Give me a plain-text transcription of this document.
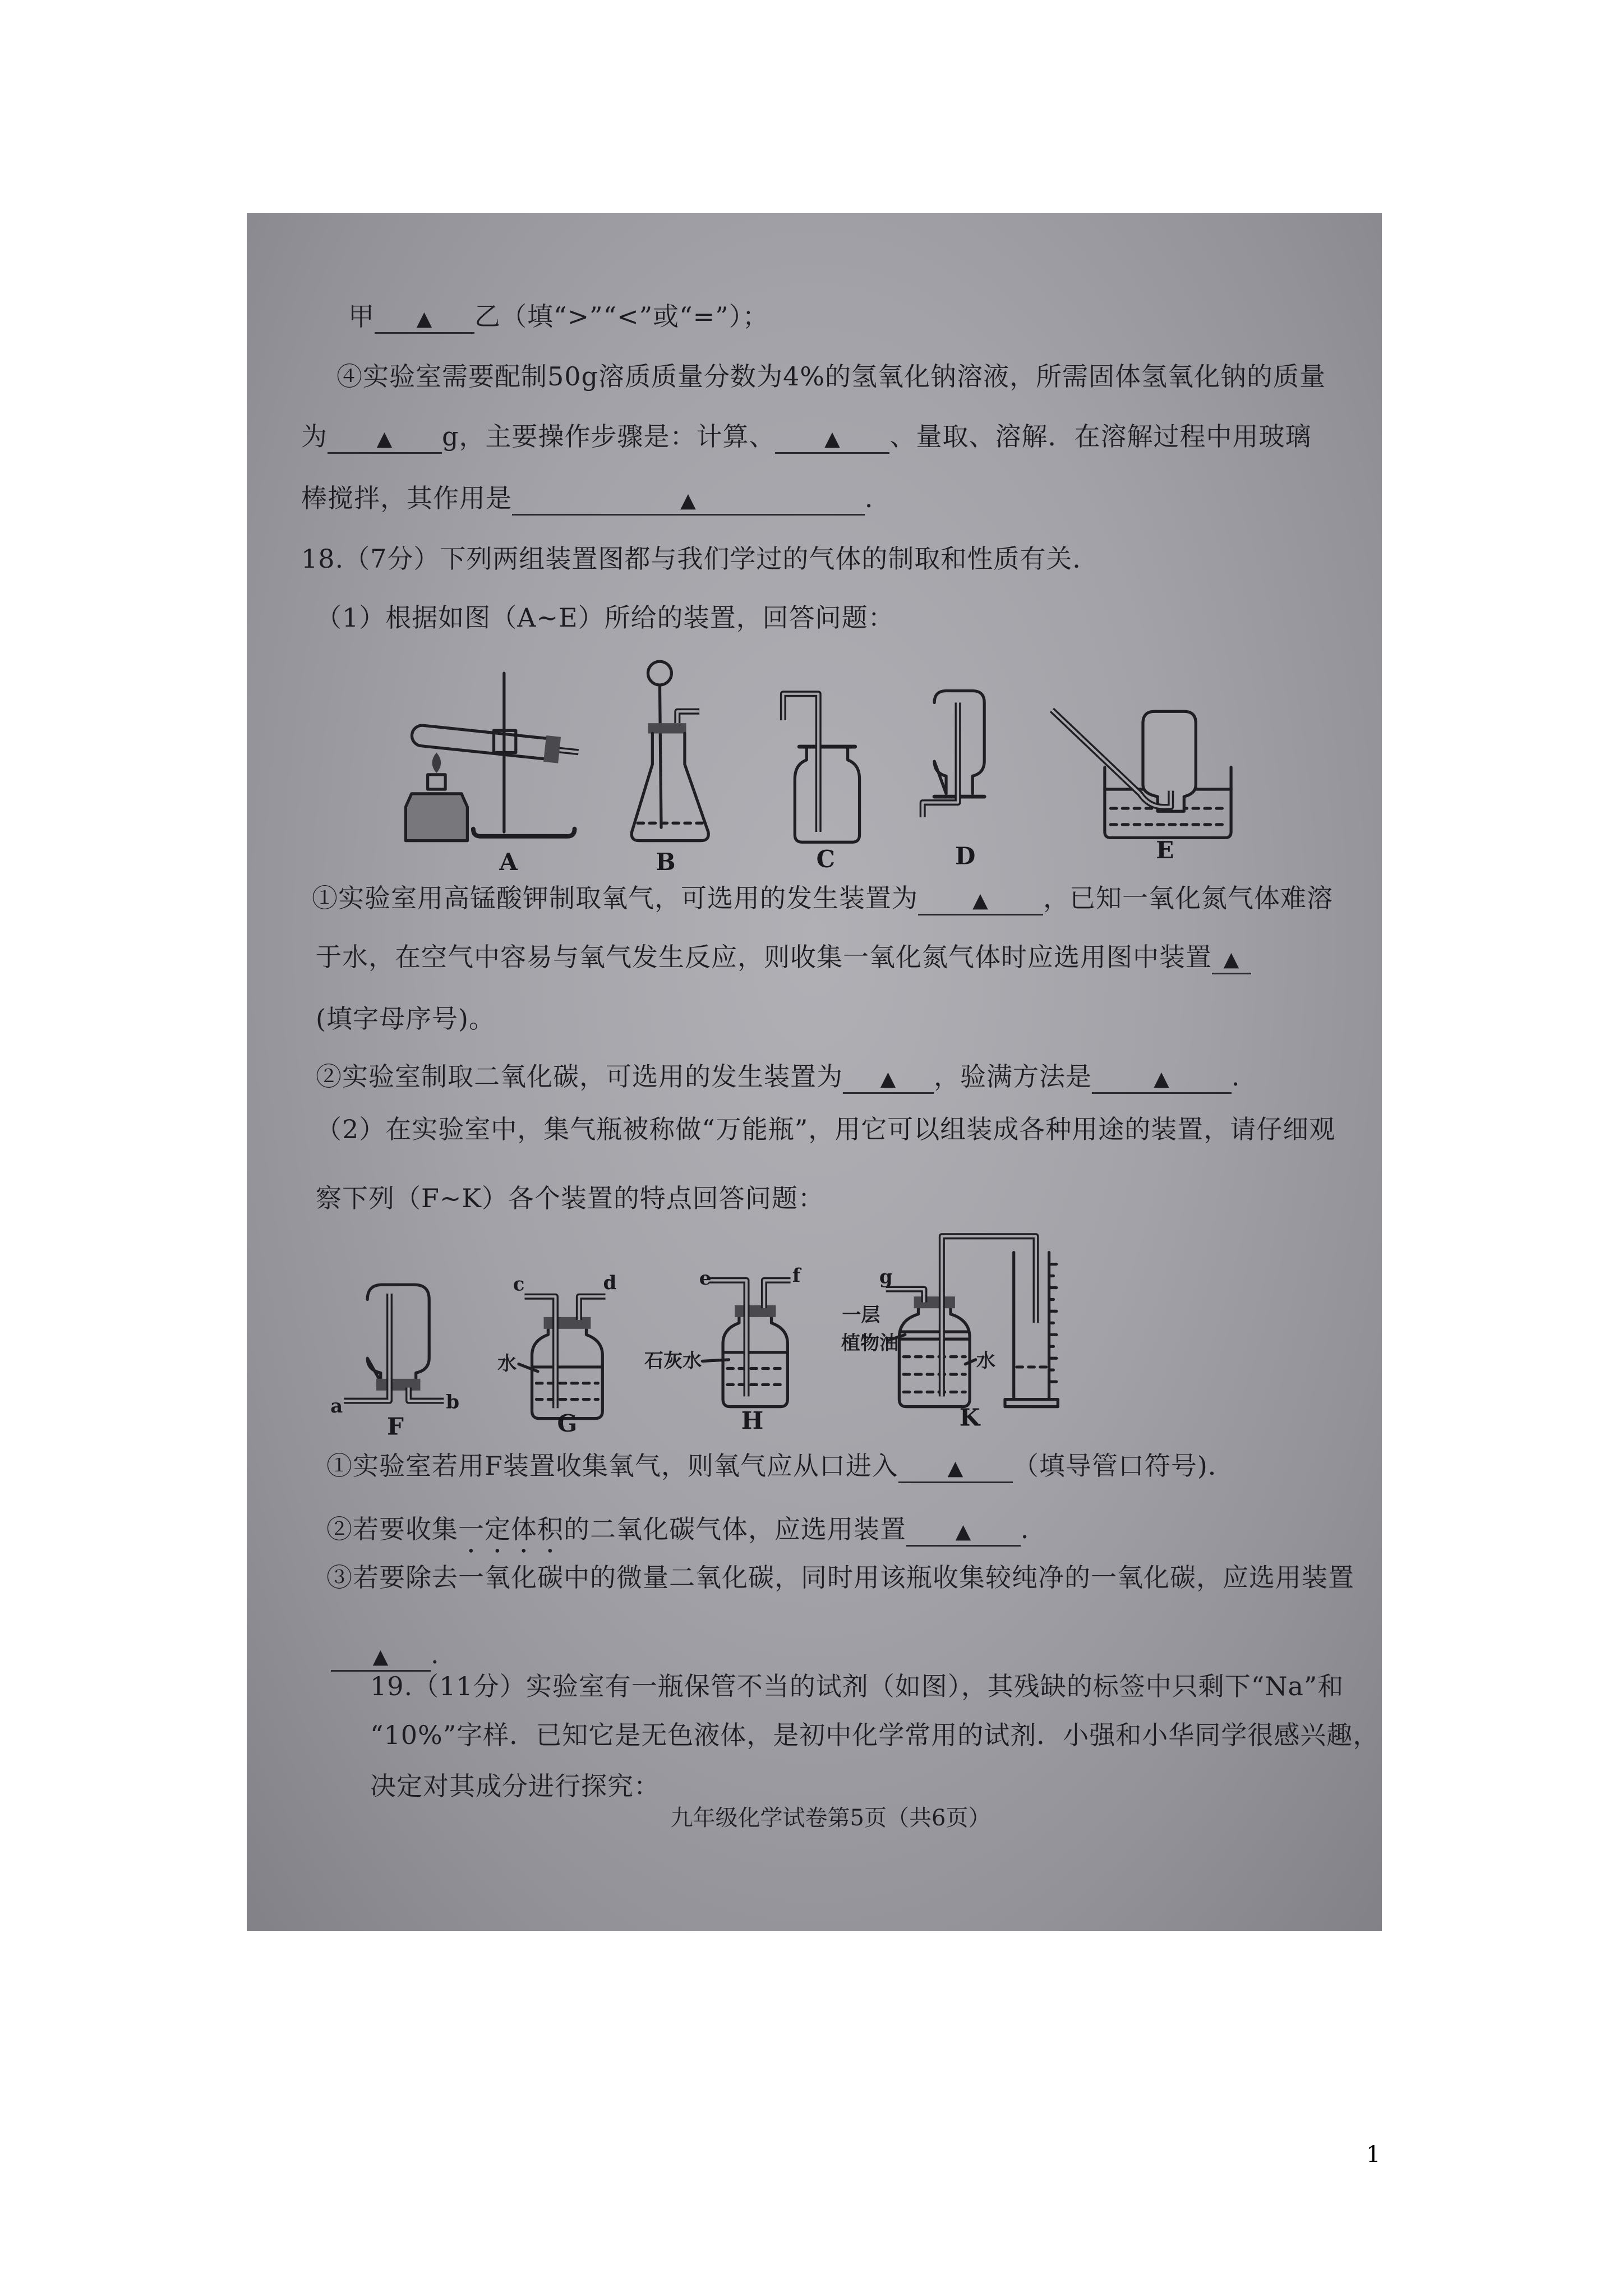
甲 ▲ 乙（填“>”“<”或“=”）；
④实验室需要配制50g溶质质量分数为4%的氢氧化钠溶液，所需固体氢氧化钠的质量
为 ▲ g，主要操作步骤是：计算、 ▲ 、量取、溶解．在溶解过程中用玻璃
棒搅拌，其作用是	▲	．
18.（7分）下列两组装置图都与我们学过的气体的制取和性质有关．
（1）根据如图（A~E）所给的装置，回答问题：
A	B	C	D	E
①实验室用高锰酸钾制取氧气，可选用的发生装置为	▲ ，已知一氧化氮气体难溶
于水，在空气中容易与氧气发生反应，则收集一氧化氮气体时应选用图中装置 ▲
(填字母序号)。
②实验室制取二氧化碳，可选用的发生装置为 ▲ ，验满方法是	▲ ．
（2）在实验室中，集气瓶被称做“万能瓶”，用它可以组装成各种用途的装置，请仔细观
察下列（F~K）各个装置的特点回答问题：
a	b
水
c	d
石灰水
e	f
一层
植物油
水
g
F	G	H	K
①实验室若用F装置收集氧气，则氧气应从口进入 ▲ （填导管口符号)．
②若要收集一定体积的二氧化碳气体，应选用装置 ▲ ．
③若要除去一氧化碳中的微量二氧化碳，同时用该瓶收集较纯净的一氧化碳，应选用装置
▲ .
19.（11分）实验室有一瓶保管不当的试剂（如图），其残缺的标签中只剩下“Na”和
“10%”字样．已知它是无色液体，是初中化学常用的试剂．小强和小华同学很感兴趣，
决定对其成分进行探究：
九年级化学试卷第5页（共6页）
1
